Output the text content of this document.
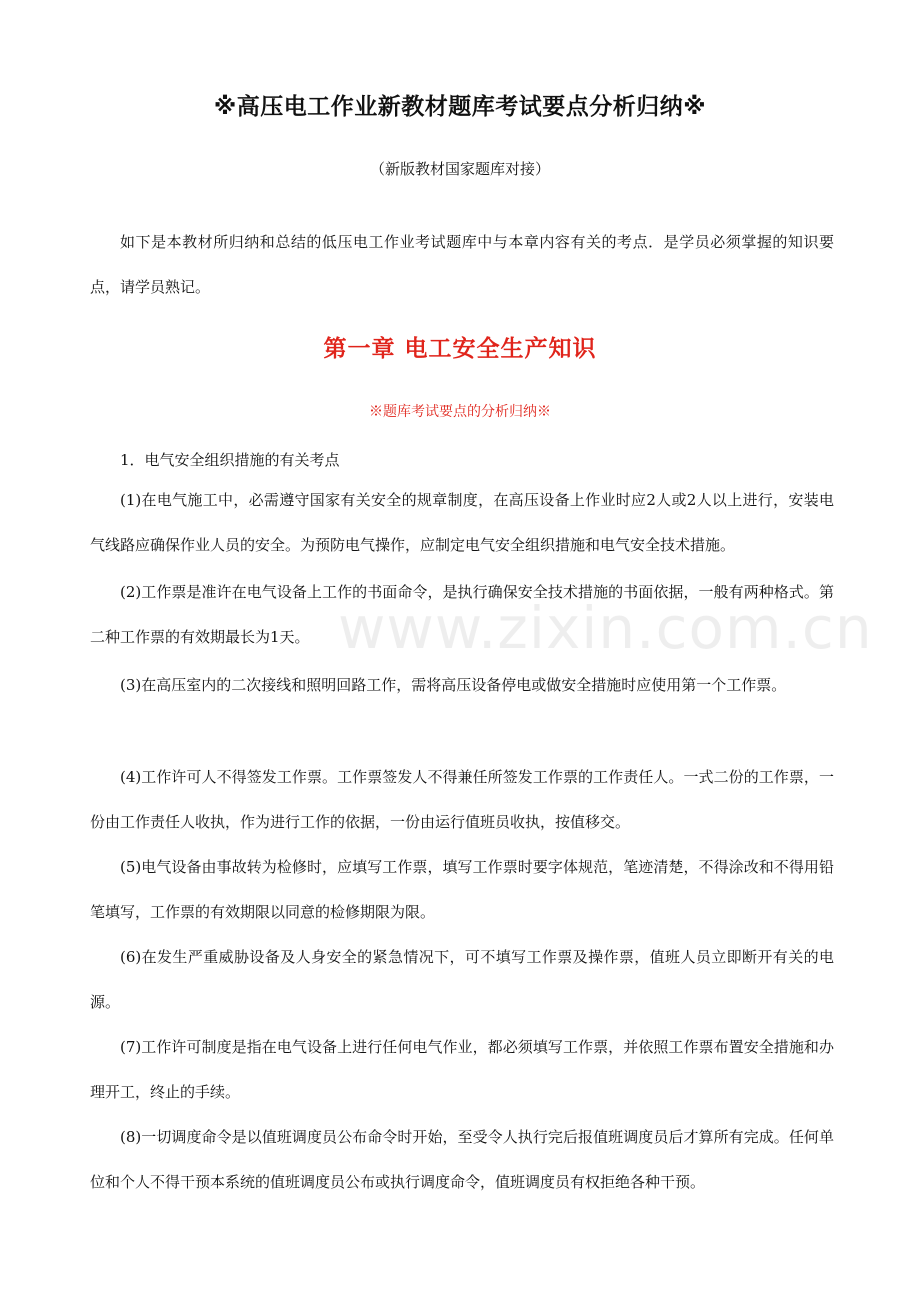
www.zixin.com.cn
※高压电工作业新教材题库考试要点分析归纳※
（新版教材国家题库对接）

如下是本教材所归纳和总结的低压电工作业考试题库中与本章内容有关的考点．是学员必须掌握的知识要点，请学员熟记。

第一章 电工安全生产知识
※题库考试要点的分析归纳※
1．电气安全组织措施的有关考点

(1)在电气施工中，必需遵守国家有关安全的规章制度，在高压设备上作业时应2人或2人以上进行，安装电气线路应确保作业人员的安全。为预防电气操作，应制定电气安全组织措施和电气安全技术措施。

(2)工作票是准许在电气设备上工作的书面命令，是执行确保安全技术措施的书面依据，一般有两种格式。第二种工作票的有效期最长为1天。

(3)在高压室内的二次接线和照明回路工作，需将高压设备停电或做安全措施时应使用第一个工作票。

(4)工作许可人不得签发工作票。工作票签发人不得兼任所签发工作票的工作责任人。一式二份的工作票，一份由工作责任人收执，作为进行工作的依据，一份由运行值班员收执，按值移交。

(5)电气设备由事故转为检修时，应填写工作票，填写工作票时要字体规范，笔迹清楚，不得涂改和不得用铅笔填写，工作票的有效期限以同意的检修期限为限。

(6)在发生严重威胁设备及人身安全的紧急情况下，可不填写工作票及操作票，值班人员立即断开有关的电源。

(7)工作许可制度是指在电气设备上进行任何电气作业，都必须填写工作票，并依照工作票布置安全措施和办理开工，终止的手续。

(8)一切调度命令是以值班调度员公布命令时开始，至受令人执行完后报值班调度员后才算所有完成。任何单位和个人不得干预本系统的值班调度员公布或执行调度命令，值班调度员有权拒绝各种干预。
